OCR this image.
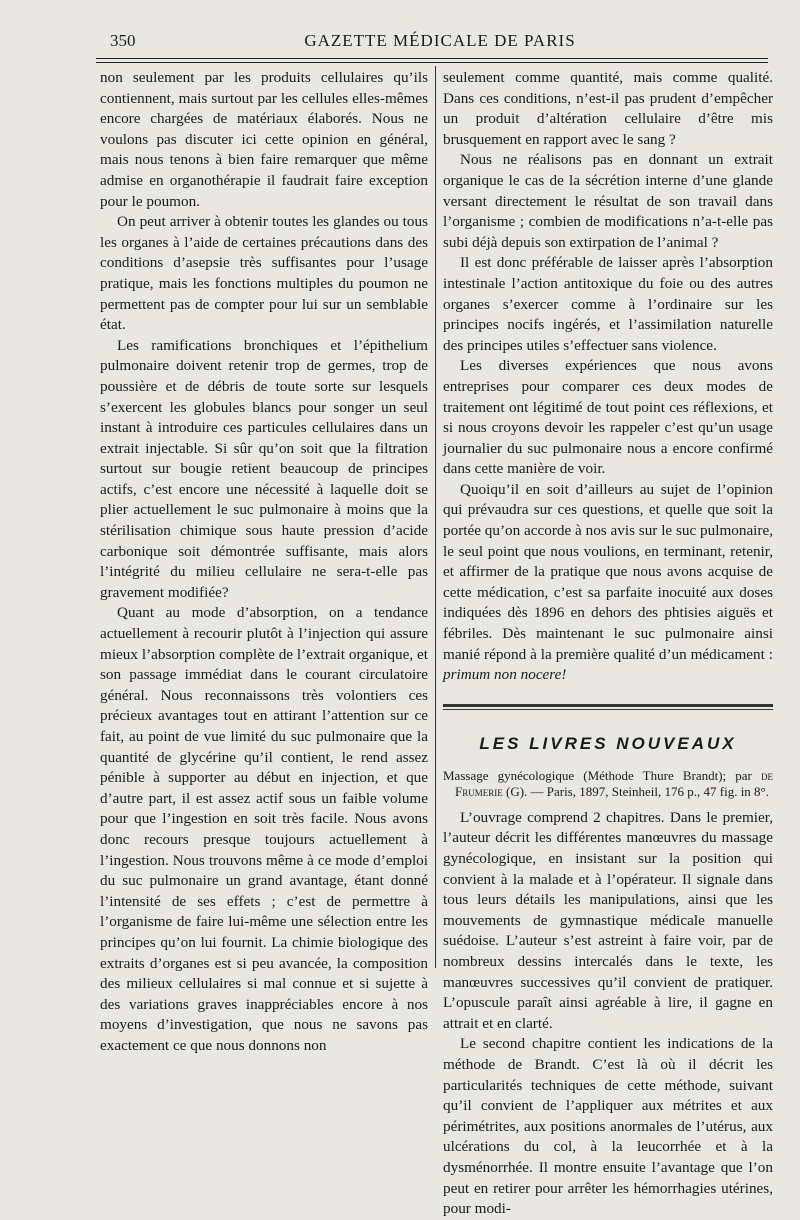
350	GAZETTE MÉDICALE DE PARIS

non seulement par les produits cellulaires qu’ils contiennent, mais surtout par les cellules elles-mêmes encore chargées de matériaux élaborés. Nous ne voulons pas discuter ici cette opinion en général, mais nous tenons à bien faire remarquer que même admise en organothérapie il faudrait faire exception pour le poumon.

On peut arriver à obtenir toutes les glandes ou tous les organes à l’aide de certaines précautions dans des conditions d’asepsie très suffisantes pour l’usage pratique, mais les fonctions multiples du poumon ne permettent pas de compter pour lui sur un semblable état.

Les ramifications bronchiques et l’épithelium pulmonaire doivent retenir trop de germes, trop de poussière et de débris de toute sorte sur lesquels s’exercent les globules blancs pour songer un seul instant à introduire ces particules cellulaires dans un extrait injectable. Si sûr qu’on soit que la filtration surtout sur bougie retient beaucoup de principes actifs, c’est encore une nécessité à laquelle doit se plier actuellement le suc pulmonaire à moins que la stérilisation chimique sous haute pression d’acide carbonique soit démontrée suffisante, mais alors l’intégrité du milieu cellulaire ne sera-t-elle pas gravement modifiée?

Quant au mode d’absorption, on a tendance actuellement à recourir plutôt à l’injection qui assure mieux l’absorption complète de l’extrait organique, et son passage immédiat dans le courant circulatoire général. Nous reconnaissons très volontiers ces précieux avantages tout en attirant l’attention sur ce fait, au point de vue limité du suc pulmonaire que la quantité de glycérine qu’il contient, le rend assez pénible à supporter au début en injection, et que d’autre part, il est assez actif sous un faible volume pour que l’ingestion en soit très facile. Nous avons donc recours presque toujours actuellement à l’ingestion. Nous trouvons même à ce mode d’emploi du suc pulmonaire un grand avantage, étant donné l’intensité de ses effets ; c’est de permettre à l’organisme de faire lui-même une sélection entre les principes qu’on lui fournit. La chimie biologique des extraits d’organes est si peu avancée, la composition des milieux cellulaires si mal connue et si sujette à des variations graves inappréciables encore à nos moyens d’investigation, que nous ne savons pas exactement ce que nous donnons non

seulement comme quantité, mais comme qualité. Dans ces conditions, n’est-il pas prudent d’empêcher un produit d’altération cellulaire d’être mis brusquement en rapport avec le sang ?

Nous ne réalisons pas en donnant un extrait organique le cas de la sécrétion interne d’une glande versant directement le résultat de son travail dans l’organisme ; combien de modifications n’a-t-elle pas subi déjà depuis son extirpation de l’animal ?

Il est donc préférable de laisser après l’absorption intestinale l’action antitoxique du foie ou des autres organes s’exercer comme à l’ordinaire sur les principes nocifs ingérés, et l’assimilation naturelle des principes utiles s’effectuer sans violence.

Les diverses expériences que nous avons entreprises pour comparer ces deux modes de traitement ont légitimé de tout point ces réflexions, et si nous croyons devoir les rappeler c’est qu’un usage journalier du suc pulmonaire nous a encore confirmé dans cette manière de voir.

Quoiqu’il en soit d’ailleurs au sujet de l’opinion qui prévaudra sur ces questions, et quelle que soit la portée qu’on accorde à nos avis sur le suc pulmonaire, le seul point que nous voulions, en terminant, retenir, et affirmer de la pratique que nous avons acquise de cette médication, c’est sa parfaite inocuité aux doses indiquées dès 1896 en dehors des phtisies aiguës et fébriles. Dès maintenant le suc pulmonaire ainsi manié répond à la première qualité d’un médicament : primum non nocere!

LES LIVRES NOUVEAUX
Massage gynécologique (Méthode Thure Brandt); par de Frumerie (G). — Paris, 1897, Steinheil, 176 p., 47 fig. in 8°.

L’ouvrage comprend 2 chapitres. Dans le premier, l’auteur décrit les différentes manœuvres du massage gynécologique, en insistant sur la position qui convient à la malade et à l’opérateur. Il signale dans tous leurs détails les manipulations, ainsi que les mouvements de gymnastique médicale manuelle suédoise. L’auteur s’est astreint à faire voir, par de nombreux dessins intercalés dans le texte, les manœuvres successives qu’il convient de pratiquer. L’opuscule paraît ainsi agréable à lire, il gagne en attrait et en clarté.

Le second chapitre contient les indications de la méthode de Brandt. C’est là où il décrit les particularités techniques de cette méthode, suivant qu’il convient de l’appliquer aux métrites et aux périmétrites, aux positions anormales de l’utérus, aux ulcérations du col, à la leucorrhée et à la dysménorrhée. Il montre ensuite l’avantage que l’on peut en retirer pour arrêter les hémorrhagies utérines, pour modi-
